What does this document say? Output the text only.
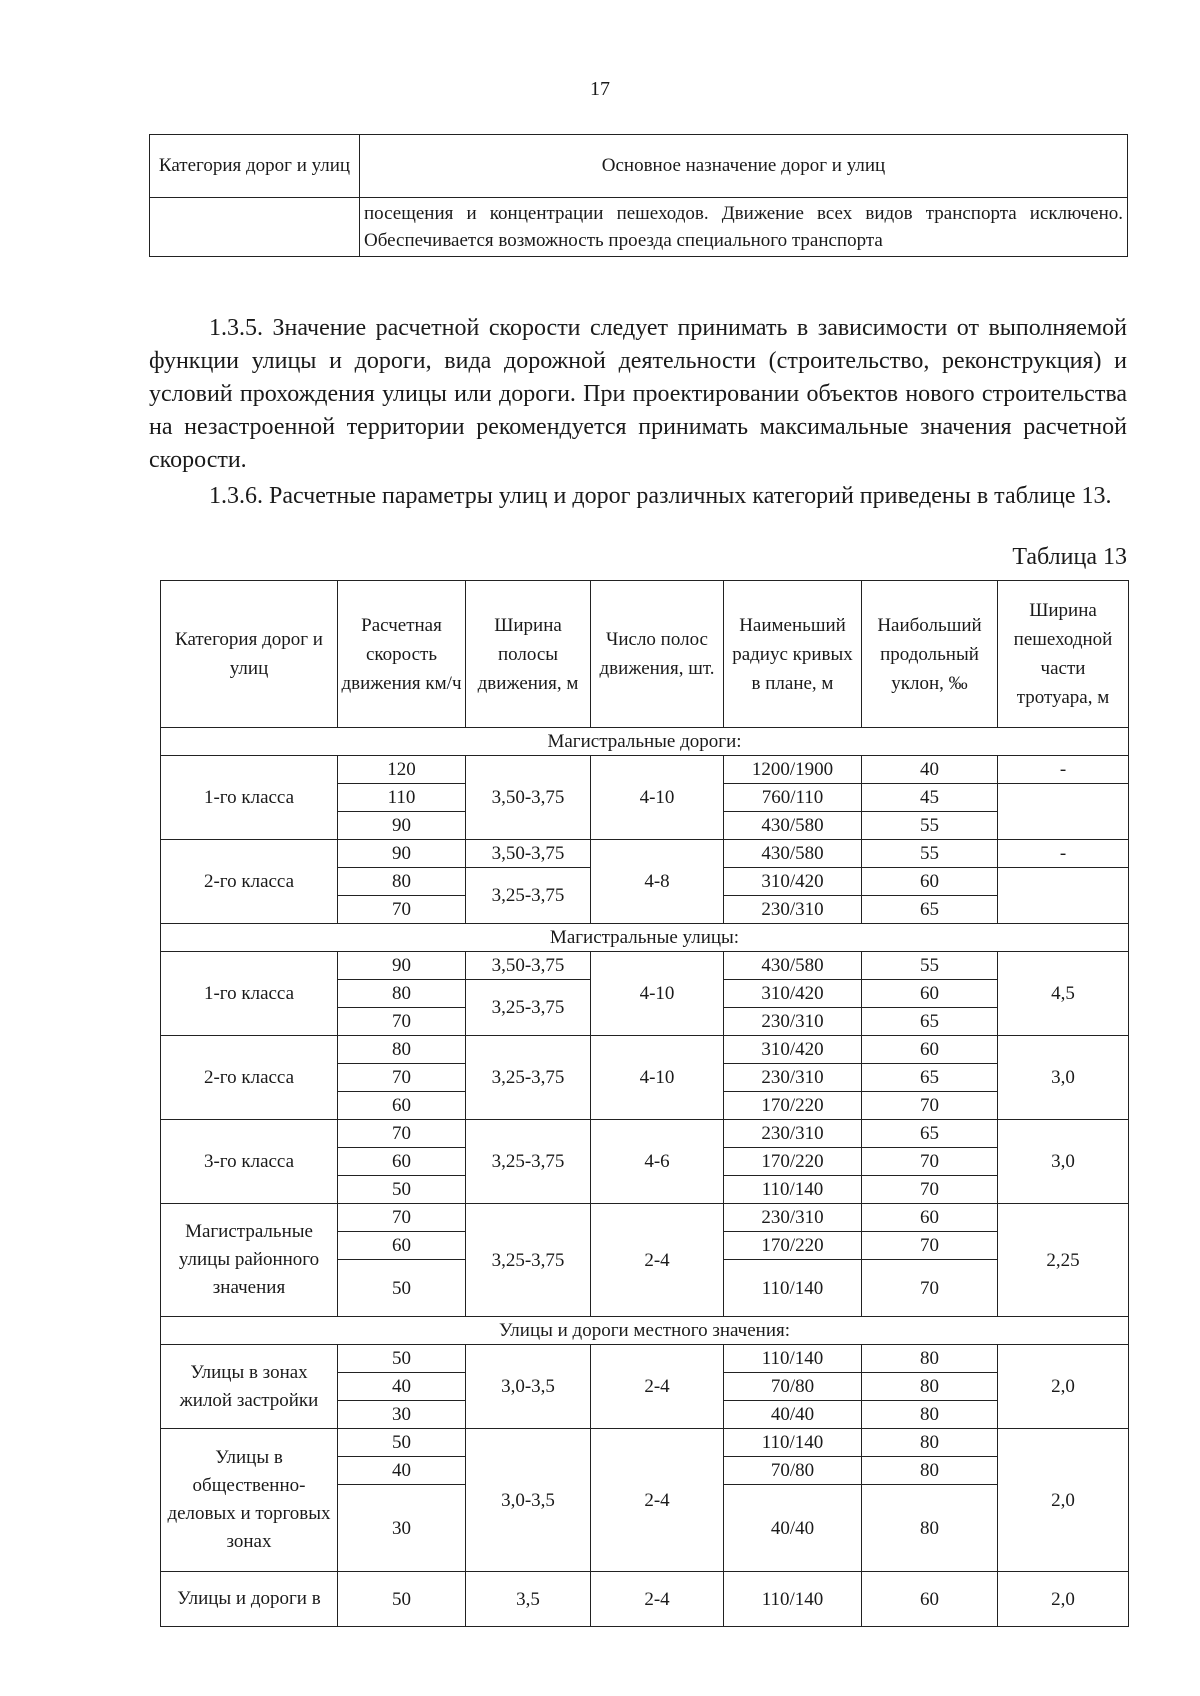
17
Категория дорог и улиц	Основное назначение дорог и улиц
	посещения и концентрации пешеходов. Движение всех видов транспорта исключено. Обеспечивается возможность проезда специального транспорта

1.3.5. Значение расчетной скорости следует принимать в зависимости от выполняемой функции улицы и дороги, вида дорожной деятельности (строительство, реконструкция) и условий прохождения улицы или дороги. При проектировании объектов нового строительства на незастроенной территории рекомендуется принимать максимальные значения расчетной скорости.

1.3.6. Расчетные параметры улиц и дорог различных категорий приведены в таблице 13.

Таблица 13
Категория дорог и улиц	Расчетная скорость движения км/ч	Ширина полосы движения, м	Число полос движения, шт.	Наименьший радиус кривых в плане, м	Наибольший продольный уклон, ‰	Ширина пешеходной части тротуара, м
Магистральные дороги:						
1-го класса	120	3,50-3,75	4-10	1200/1900	40	-
	110			760/110	45	
	90			430/580	55	
2-го класса	90	3,50-3,75	4-8	430/580	55	-
	80	3,25-3,75		310/420	60	
	70			230/310	65	
Магистральные улицы:						
1-го класса	90	3,50-3,75	4-10	430/580	55	4,5
	80	3,25-3,75		310/420	60	
	70			230/310	65	
2-го класса	80	3,25-3,75	4-10	310/420	60	3,0
	70			230/310	65	
	60			170/220	70	
3-го класса	70	3,25-3,75	4-6	230/310	65	3,0
	60			170/220	70	
	50			110/140	70	
Магистральные улицы районного значения	70	3,25-3,75	2-4	230/310	60	2,25
	60			170/220	70	
	50			110/140	70	
Улицы и дороги местного значения:						
Улицы в зонах жилой застройки	50	3,0-3,5	2-4	110/140	80	2,0
	40			70/80	80	
	30			40/40	80	
Улицы в общественно-деловых и торговых зонах	50	3,0-3,5	2-4	110/140	80	2,0
	40			70/80	80	
	30			40/40	80	
Улицы и дороги в	50	3,5	2-4	110/140	60	2,0
